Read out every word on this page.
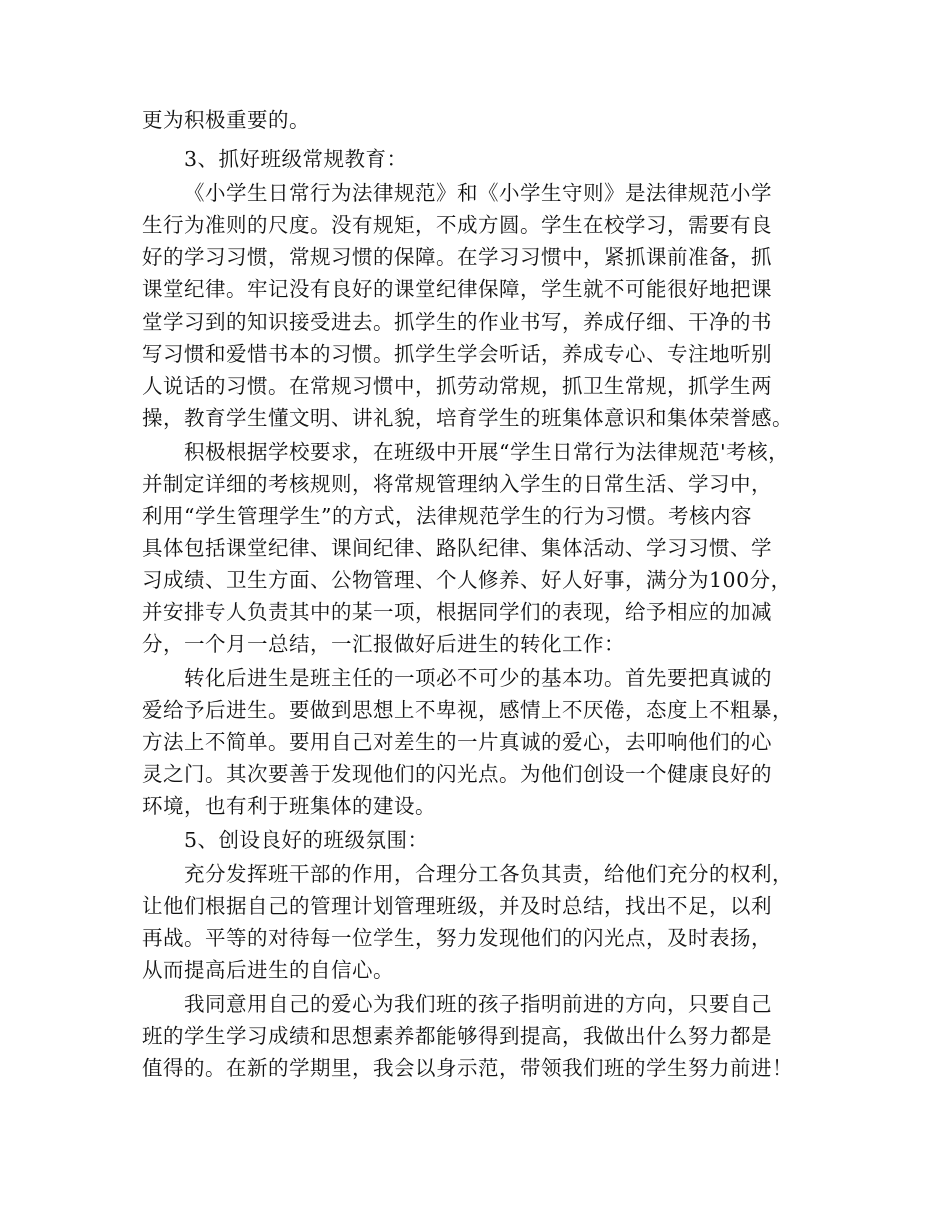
更为积极重要的。
3、抓好班级常规教育：
《小学生日常行为法律规范》和《小学生守则》是法律规范小学
生行为准则的尺度。没有规矩，不成方圆。学生在校学习，需要有良
好的学习习惯，常规习惯的保障。在学习习惯中，紧抓课前准备，抓
课堂纪律。牢记没有良好的课堂纪律保障，学生就不可能很好地把课
堂学习到的知识接受进去。抓学生的作业书写，养成仔细、干净的书
写习惯和爱惜书本的习惯。抓学生学会听话，养成专心、专注地听别
人说话的习惯。在常规习惯中，抓劳动常规，抓卫生常规，抓学生两
操，教育学生懂文明、讲礼貌，培育学生的班集体意识和集体荣誉感。
积极根据学校要求，在班级中开展“学生日常行为法律规范'考核，
并制定详细的考核规则，将常规管理纳入学生的日常生活、学习中，
利用“学生管理学生”的方式，法律规范学生的行为习惯。考核内容
具体包括课堂纪律、课间纪律、路队纪律、集体活动、学习习惯、学
习成绩、卫生方面、公物管理、个人修养、好人好事，满分为100分，
并安排专人负责其中的某一项，根据同学们的表现，给予相应的加减
分，一个月一总结，一汇报做好后进生的转化工作：
转化后进生是班主任的一项必不可少的基本功。首先要把真诚的
爱给予后进生。要做到思想上不卑视，感情上不厌倦，态度上不粗暴，
方法上不简单。要用自己对差生的一片真诚的爱心，去叩响他们的心
灵之门。其次要善于发现他们的闪光点。为他们创设一个健康良好的
环境，也有利于班集体的建设。
5、创设良好的班级氛围：
充分发挥班干部的作用，合理分工各负其责，给他们充分的权利，
让他们根据自己的管理计划管理班级，并及时总结，找出不足，以利
再战。平等的对待每一位学生，努力发现他们的闪光点，及时表扬，
从而提高后进生的自信心。
我同意用自己的爱心为我们班的孩子指明前进的方向，只要自己
班的学生学习成绩和思想素养都能够得到提高，我做出什么努力都是
值得的。在新的学期里，我会以身示范，带领我们班的学生努力前进！
